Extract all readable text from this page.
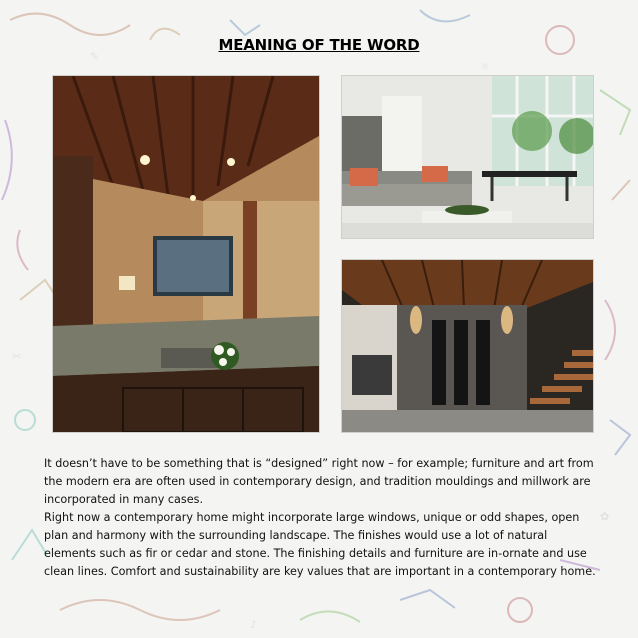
☼
✎
✿
✂
♪
MEANING OF THE WORD

It doesn’t have to be something that is “designed” right now – for example; furniture and art from the modern era are often used in contemporary design, and tradition mouldings and millwork are incorporated in many cases.

Right now a contemporary home might incorporate large windows, unique or odd shapes, open plan and harmony with the surrounding landscape. The finishes would use a lot of natural elements such as fir or cedar and stone. The finishing details and furniture are in-ornate and use clean lines. Comfort and sustainability are key values that are important in a contemporary home.
